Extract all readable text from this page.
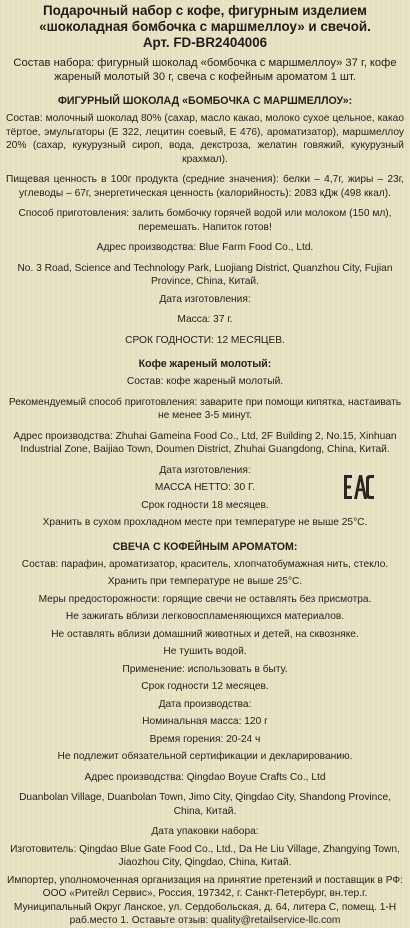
Подарочный набор с кофе, фигурным изделием
«шоколадная бомбочка с маршмеллоу» и свечой.
Арт. FD-BR2404006
Состав набора: фигурный шоколад «бомбочка с маршмеллоу» 37 г, кофе жареный молотый 30 г, свеча с кофейным ароматом 1 шт.
ФИГУРНЫЙ ШОКОЛАД «БОМБОЧКА С МАРШМЕЛЛОУ»:
Состав: молочный шоколад 80% (сахар, масло какао, молоко сухое цельное, какао тёртое, эмульгаторы (Е 322, лецитин соевый, Е 476), ароматизатор), маршмеллоу 20% (сахар, кукурузный сироп, вода, декстроза, желатин говяжий, кукурузный крахмал).
Пищевая ценность в 100г продукта (средние значения): белки – 4,7г, жиры – 23г, углеводы – 67г, энергетическая ценность (калорийность): 2083 кДж (498 ккал).
Способ приготовления: залить бомбочку горячей водой или молоком (150 мл), перемешать. Напиток готов!
Адрес производства: Blue Farm Food Co., Ltd.
No. 3 Road, Science and Technology Park, Luojiang District, Quanzhou City, Fujian Province, China, Китай.
Дата изготовления:
Масса: 37 г.
СРОК ГОДНОСТИ: 12 МЕСЯЦЕВ.
Кофе жареный молотый:
Состав: кофе жареный молотый.
Рекомендуемый способ приготовления: заварите при помощи кипятка, настаивать не менее 3-5 минут.
Адрес производства: Zhuhai Gameina Food Co., Ltd, 2F Building 2, No.15, Xinhuan Industrial Zone, Baijiao Town, Doumen District, Zhuhai Guangdong, China, Китай.
Дата изготовления:
МАССА НЕТТО: 30 Г.
Срок годности 18 месяцев.
Хранить в сухом прохладном месте при температуре не выше 25°C.
СВЕЧА С КОФЕЙНЫМ АРОМАТОМ:
Состав: парафин, ароматизатор, краситель, хлопчатобумажная нить, стекло.
Хранить при температуре не выше 25°C.
Меры предосторожности: горящие свечи не оставлять без присмотра.
Не зажигать вблизи легковоспламеняющихся материалов.
Не оставлять вблизи домашний животных и детей, на сквозняке.
Не тушить водой.
Применение: использовать в быту.
Срок годности 12 месяцев.
Дата производства:
Номинальная масса: 120 г
Время горения: 20-24 ч
Не подлежит обязательной сертификации и декларированию.
Адрес производства: Qingdao Boyue Crafts Co., Ltd
Duanbolan Village, Duanbolan Town, Jimo City, Qingdao City, Shandong Province, China, Китай.
Дата упаковки набора:
Изготовитель: Qingdao Blue Gate Food Co., Ltd., Da He Liu Village, Zhangying Town, Jiaozhou City, Qingdao, China, Китай.
Импортер, уполномоченная организация на принятие претензий и поставщик в РФ: ООО «Ритейл Сервис», Россия, 197342, г. Санкт-Петербург, вн.тер.г. Муниципальный Округ Ланское, ул. Сердобольская, д. 64, литера С, помещ. 1-Н раб.место 1. Оставьте отзыв: quality@retailservice-llc.com
